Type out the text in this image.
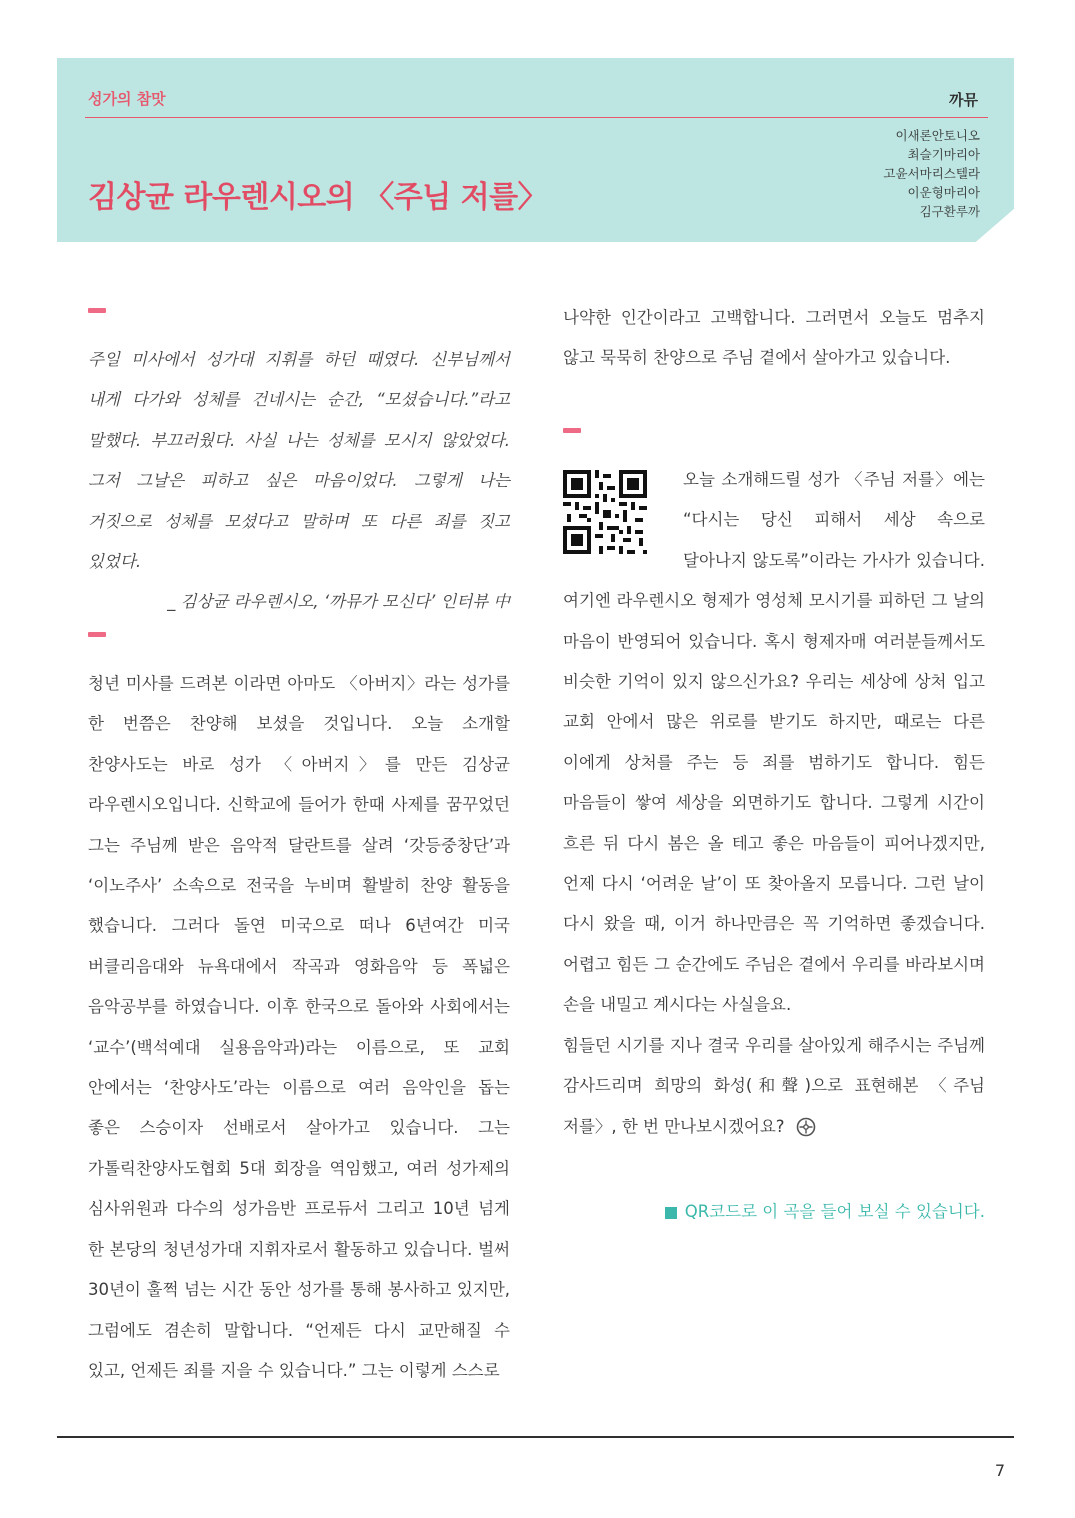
성가의 참맛	까뮤
김상균 라우렌시오의 〈주님 저를〉
이새론안토니오
최슬기마리아
고윤서마리스텔라
이운형마리아
김구환루까

주일 미사에서 성가대 지휘를 하던 때였다. 신부님께서 내게 다가와 성체를 건네시는 순간, “모셨습니다.”라고 말했다. 부끄러웠다. 사실 나는 성체를 모시지 않았었다. 그저 그날은 피하고 싶은 마음이었다. 그렇게 나는 거짓으로 성체를 모셨다고 말하며 또 다른 죄를 짓고 있었다.

_ 김상균 라우렌시오, ‘까뮤가 모신다’ 인터뷰 中

청년 미사를 드려본 이라면 아마도 〈아버지〉라는 성가를 한 번쯤은 찬양해 보셨을 것입니다. 오늘 소개할 찬양사도는 바로 성가 〈아버지〉를 만든 김상균 라우렌시오입니다. 신학교에 들어가 한때 사제를 꿈꾸었던 그는 주님께 받은 음악적 달란트를 살려 ‘갓등중창단’과 ‘이노주사’ 소속으로 전국을 누비며 활발히 찬양 활동을 했습니다. 그러다 돌연 미국으로 떠나 6년여간 미국 버클리음대와 뉴욕대에서 작곡과 영화음악 등 폭넓은 음악공부를 하였습니다. 이후 한국으로 돌아와 사회에서는 ‘교수’(백석예대 실용음악과)라는 이름으로, 또 교회 안에서는 ‘찬양사도’라는 이름으로 여러 음악인을 돕는 좋은 스승이자 선배로서 살아가고 있습니다. 그는 가톨릭찬양사도협회 5대 회장을 역임했고, 여러 성가제의 심사위원과 다수의 성가음반 프로듀서 그리고 10년 넘게 한 본당의 청년성가대 지휘자로서 활동하고 있습니다. 벌써 30년이 훌쩍 넘는 시간 동안 성가를 통해 봉사하고 있지만, 그럼에도 겸손히 말합니다. “언제든 다시 교만해질 수 있고, 언제든 죄를 지을 수 있습니다.” 그는 이렇게 스스로

나약한 인간이라고 고백합니다. 그러면서 오늘도 멈추지 않고 묵묵히 찬양으로 주님 곁에서 살아가고 있습니다.

오늘 소개해드릴 성가 〈주님 저를〉에는 “다시는 당신 피해서 세상 속으로 달아나지 않도록”이라는 가사가 있습니다. 여기엔 라우렌시오 형제가 영성체 모시기를 피하던 그 날의 마음이 반영되어 있습니다. 혹시 형제자매 여러분들께서도 비슷한 기억이 있지 않으신가요? 우리는 세상에 상처 입고 교회 안에서 많은 위로를 받기도 하지만, 때로는 다른 이에게 상처를 주는 등 죄를 범하기도 합니다. 힘든 마음들이 쌓여 세상을 외면하기도 합니다. 그렇게 시간이 흐른 뒤 다시 봄은 올 테고 좋은 마음들이 피어나겠지만, 언제 다시 ‘어려운 날’이 또 찾아올지 모릅니다. 그런 날이 다시 왔을 때, 이거 하나만큼은 꼭 기억하면 좋겠습니다. 어렵고 힘든 그 순간에도 주님은 곁에서 우리를 바라보시며 손을 내밀고 계시다는 사실을요.

힘들던 시기를 지나 결국 우리를 살아있게 해주시는 주님께 감사드리며 희망의 화성(和聲)으로 표현해본 〈주님 저를〉, 한 번 만나보시겠어요?

QR코드로 이 곡을 들어 보실 수 있습니다.
7
